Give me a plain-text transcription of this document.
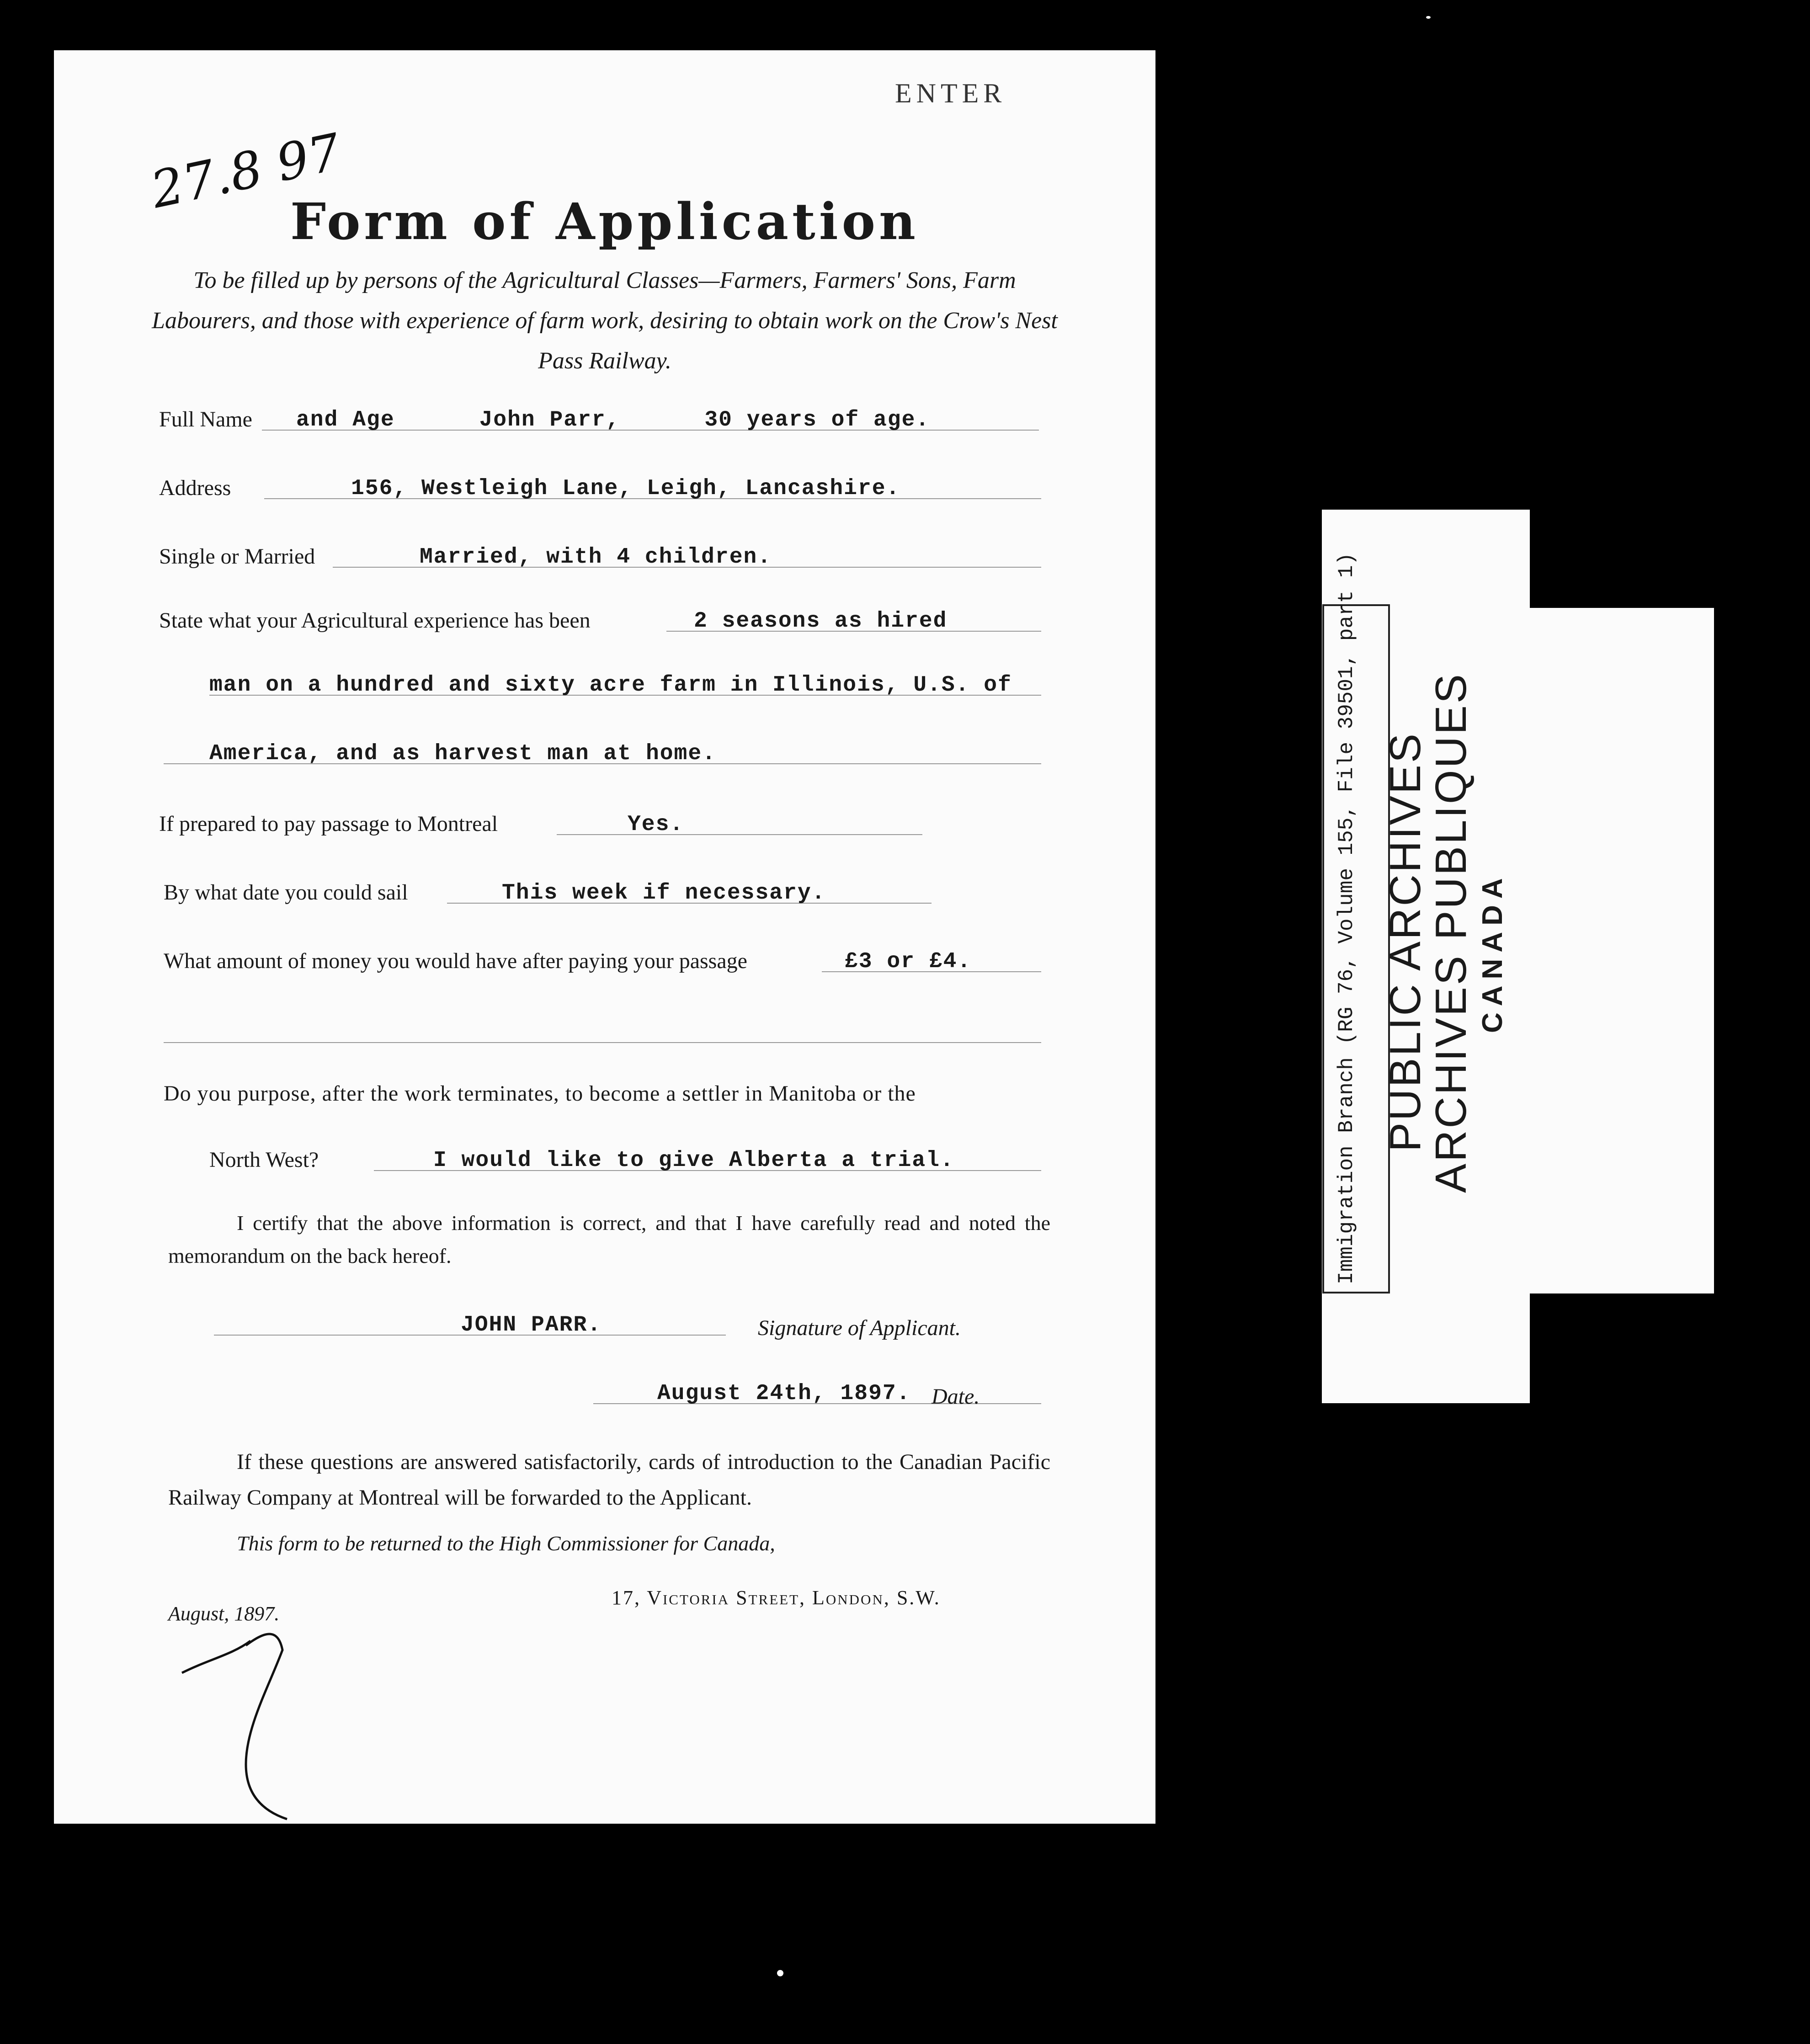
27.8 97
ENTER
Form of Application
To be filled up by persons of the Agricultural Classes—Farmers, Farmers' Sons, Farm Labourers, and those with experience of farm work, desiring to obtain work on the Crow's Nest Pass Railway.
Full Name and Age      John Parr,      30 years of age.
Address	156, Westleigh Lane, Leigh, Lancashire.
Single or Married	Married, with 4 children.
State what your Agricultural experience has been	2 seasons as hired
man on a hundred and sixty acre farm in Illinois, U.S. of
America, and as harvest man at home.
If prepared to pay passage to Montreal	Yes.
By what date you could sail	This week if necessary.
What amount of money you would have after paying your passage	£3 or £4.
Do you purpose, after the work terminates, to become a settler in Manitoba or the
North West?	I would like to give Alberta a trial.
I certify that the above information is correct, and that I have carefully read and noted the memorandum on the back hereof.
JOHN PARR.	Signature of Applicant.
August 24th, 1897. Date.
If these questions are answered satisfactorily, cards of introduction to the Canadian Pacific Railway Company at Montreal will be forwarded to the Applicant.
This form to be returned to the High Commissioner for Canada,
17, Victoria Street, London, S.W.
August, 1897.
Immigration Branch (RG 76, Volume 155, File 39501, part 1) PUBLIC ARCHIVES
ARCHIVES PUBLIQUES CANADA
